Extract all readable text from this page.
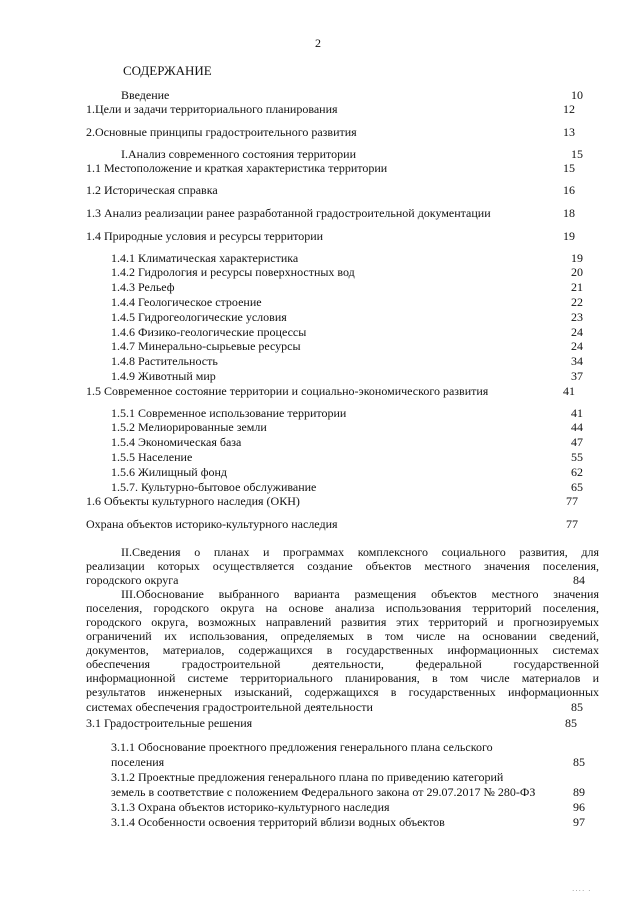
2
СОДЕРЖАНИЕ
Введение	10
1.Цели и задачи территориального планирования	12
2.Основные принципы градостроительного развития	13
I.Анализ современного состояния территории	15
1.1 Местоположение и краткая характеристика территории	15
1.2 Историческая справка	16
1.3 Анализ реализации ранее разработанной градостроительной документации	18
1.4 Природные условия и ресурсы территории	19
1.4.1 Климатическая характеристика	19
1.4.2 Гидрология и ресурсы поверхностных вод	20
1.4.3 Рельеф	21
1.4.4 Геологическое строение	22
1.4.5 Гидрогеологические условия	23
1.4.6 Физико-геологические процессы	24
1.4.7 Минерально-сырьевые ресурсы	24
1.4.8 Растительность	34
1.4.9 Животный мир	37
1.5 Современное состояние территории и социально-экономического развития	41
1.5.1 Современное использование территории	41
1.5.2 Мелиорированные земли	44
1.5.4 Экономическая база	47
1.5.5 Население	55
1.5.6 Жилищный фонд	62
1.5.7. Культурно-бытовое обслуживание	65
1.6 Объекты культурного наследия (ОКН)	77
Охрана объектов историко-культурного наследия	77
II.Сведения о планах и программах комплексного социального развития, для
реализации которых осуществляется создание объектов местного значения поселения,
городского округа	84
III.Обоснование выбранного варианта размещения объектов местного значения
поселения, городского округа на основе анализа использования территорий поселения,
городского округа, возможных направлений развития этих территорий и прогнозируемых
ограничений их использования, определяемых в том числе на основании сведений,
документов, материалов, содержащихся в государственных информационных системах
обеспечения градостроительной деятельности, федеральной государственной
информационной системе территориального планирования, в том числе материалов и
результатов инженерных изысканий, содержащихся в государственных информационных
системах обеспечения градостроительной деятельности	85
3.1 Градостроительные решения	85
3.1.1 Обоснование проектного предложения генерального плана сельского
поселения	85
3.1.2 Проектные предложения генерального плана по приведению категорий
земель в соответствие с положением Федерального закона от 29.07.2017 № 280-ФЗ	89
3.1.3 Охрана объектов историко-культурного наследия	96
3.1.4 Особенности освоения территорий вблизи водных объектов	97
···· ·
